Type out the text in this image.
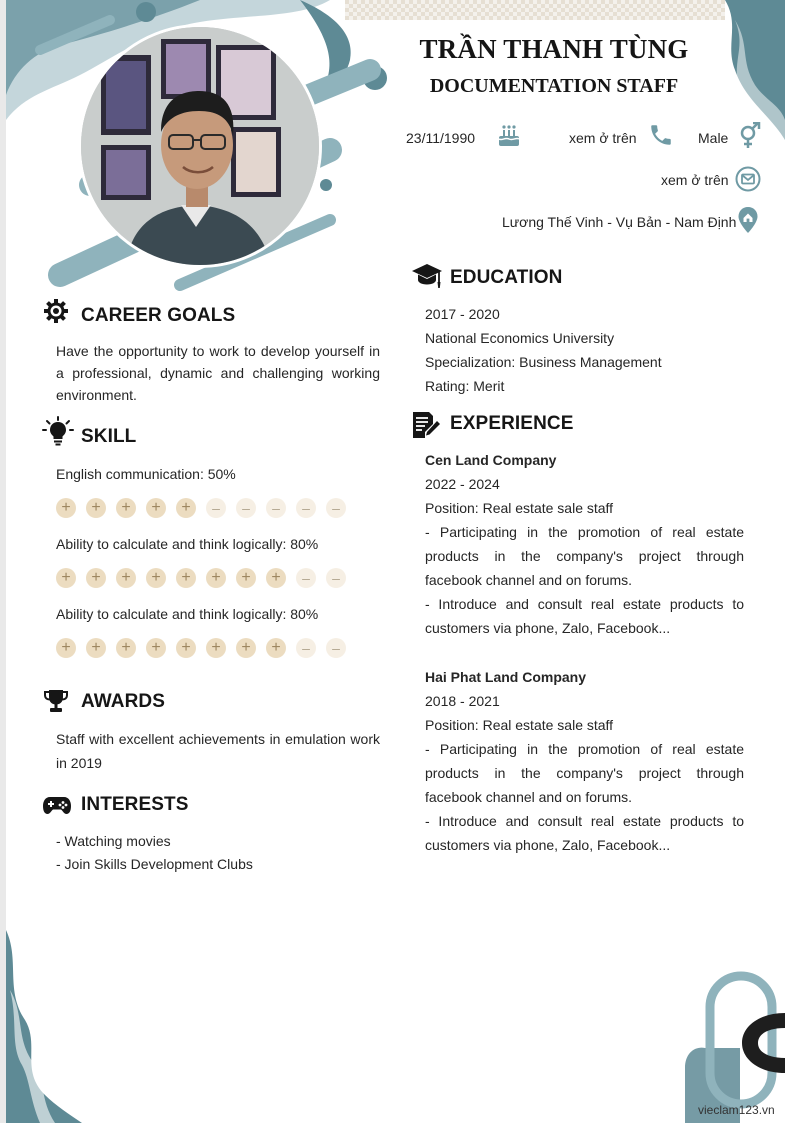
TRẦN THANH TÙNG
DOCUMENTATION STAFF
23/11/1990	xem ở trên	Male
xem ở trên
Lương Thế Vinh - Vụ Bản - Nam Định
CAREER GOALS
Have the opportunity to work to develop yourself in a professional, dynamic and challenging working environment.
SKILL
English communication: 50%
+	+	+	+	+	–	–	–	–	–
Ability to calculate and think logically: 80%
+	+	+	+	+	+	+	+	–	–
Ability to calculate and think logically: 80%
+	+	+	+	+	+	+	+	–	–
AWARDS
Staff with excellent achievements in emulation work in 2019
INTERESTS
- Watching movies
- Join Skills Development Clubs
EDUCATION
2017 - 2020
National Economics University
Specialization: Business Management
Rating: Merit
EXPERIENCE
Cen Land Company
2022 - 2024
Position: Real estate sale staff
- Participating in the promotion of real estate products in the company's project through facebook channel and on forums.
- Introduce and consult real estate products to customers via phone, Zalo, Facebook...
Hai Phat Land Company
2018 - 2021
Position: Real estate sale staff
- Participating in the promotion of real estate products in the company's project through facebook channel and on forums.
- Introduce and consult real estate products to customers via phone, Zalo, Facebook...
vieclam123.vn
